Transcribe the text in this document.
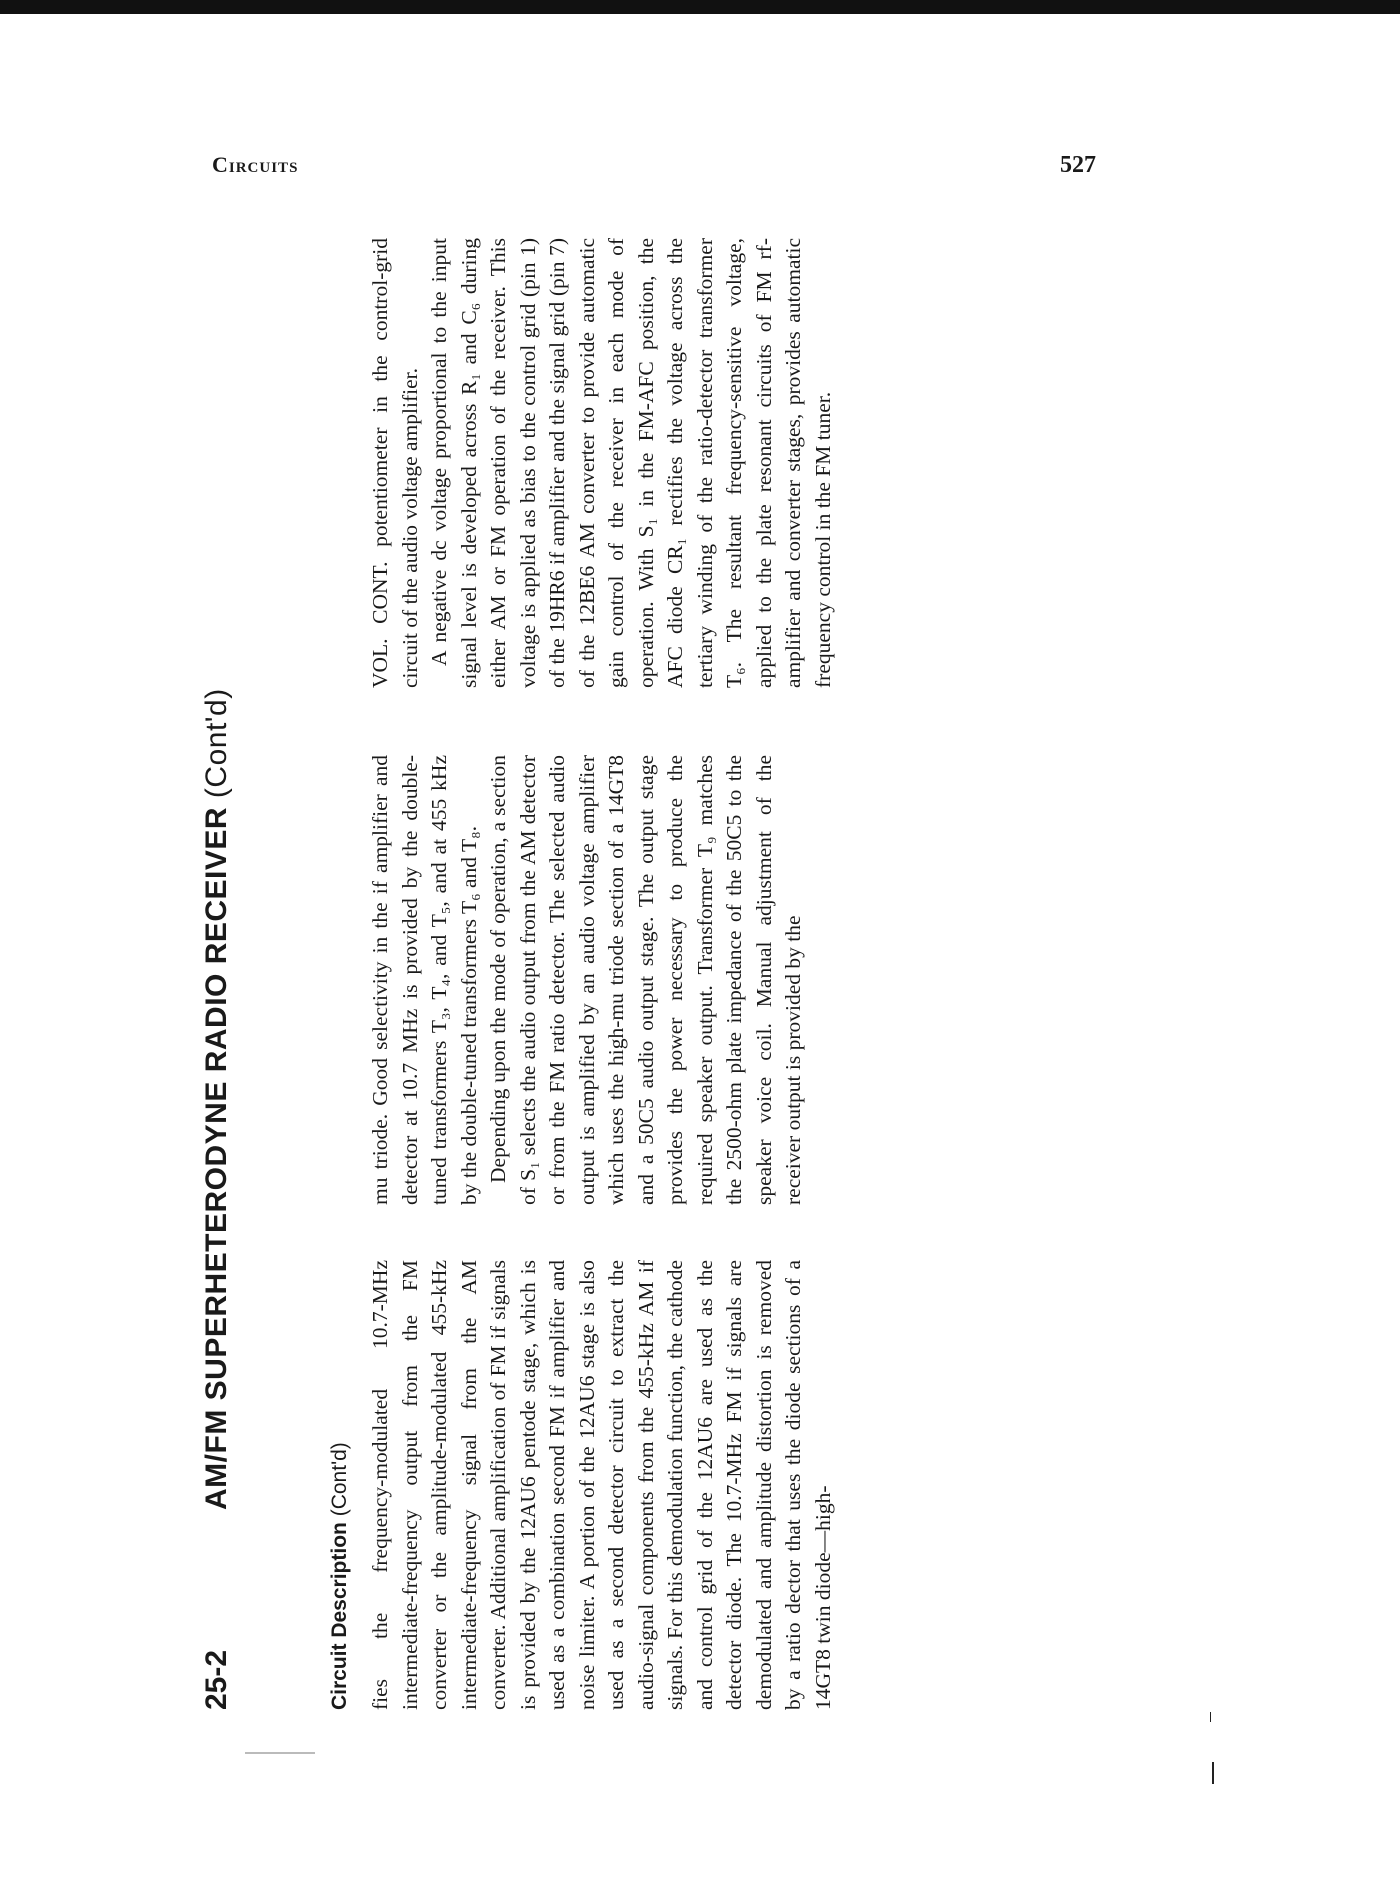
Circuits	527
25-2
AM/FM SUPERHETERODYNE RADIO RECEIVER (Cont'd)
Circuit Description (Cont'd) fies the frequency-modulated 10.7-MHz intermediate-frequency output from the FM converter or the amplitude-modulated 455-kHz intermediate-frequency signal from the AM converter. Additional amplification of FM if signals is provided by the 12AU6 pentode stage, which is used as a combination second FM if amplifier and noise limiter. A portion of the 12AU6 stage is also used as a second detector circuit to extract the audio-signal components from the 455-kHz AM if signals. For this demodulation function, the cathode and control grid of the 12AU6 are used as the detector diode. The 10.7-MHz FM if signals are demodulated and amplitude distortion is removed by a ratio dector that uses the diode sections of a 14GT8 twin diode—high-

mu triode. Good selectivity in the if amplifier and detector at 10.7 MHz is provided by the double-tuned transformers T₃, T₄, and T₅, and at 455 kHz by the double-tuned transformers T₆ and T₈. Depending upon the mode of operation, a section of S₁ selects the audio output from the AM detector or from the FM ratio detector. The selected audio output is amplified by an audio voltage amplifier which uses the high-mu triode section of a 14GT8 and a 50C5 audio output stage. The output stage provides the power necessary to produce the required speaker output. Transformer T₉ matches the 2500-ohm plate impedance of the 50C5 to the speaker voice coil. Manual adjustment of the receiver output is provided by the

VOL. CONT. potentiometer in the control-grid circuit of the audio voltage amplifier. A negative dc voltage proportional to the input signal level is developed across R₁ and C₆ during either AM or FM operation of the receiver. This voltage is applied as bias to the control grid (pin 1) of the 19HR6 if amplifier and the signal grid (pin 7) of the 12BE6 AM converter to provide automatic gain control of the receiver in each mode of operation. With S₁ in the FM-AFC position, the AFC diode CR₁ rectifies the voltage across the tertiary winding of the ratio-detector transformer T₆. The resultant frequency-sensitive voltage, applied to the plate resonant circuits of FM rf-amplifier and converter stages, provides automatic frequency control in the FM tuner.
